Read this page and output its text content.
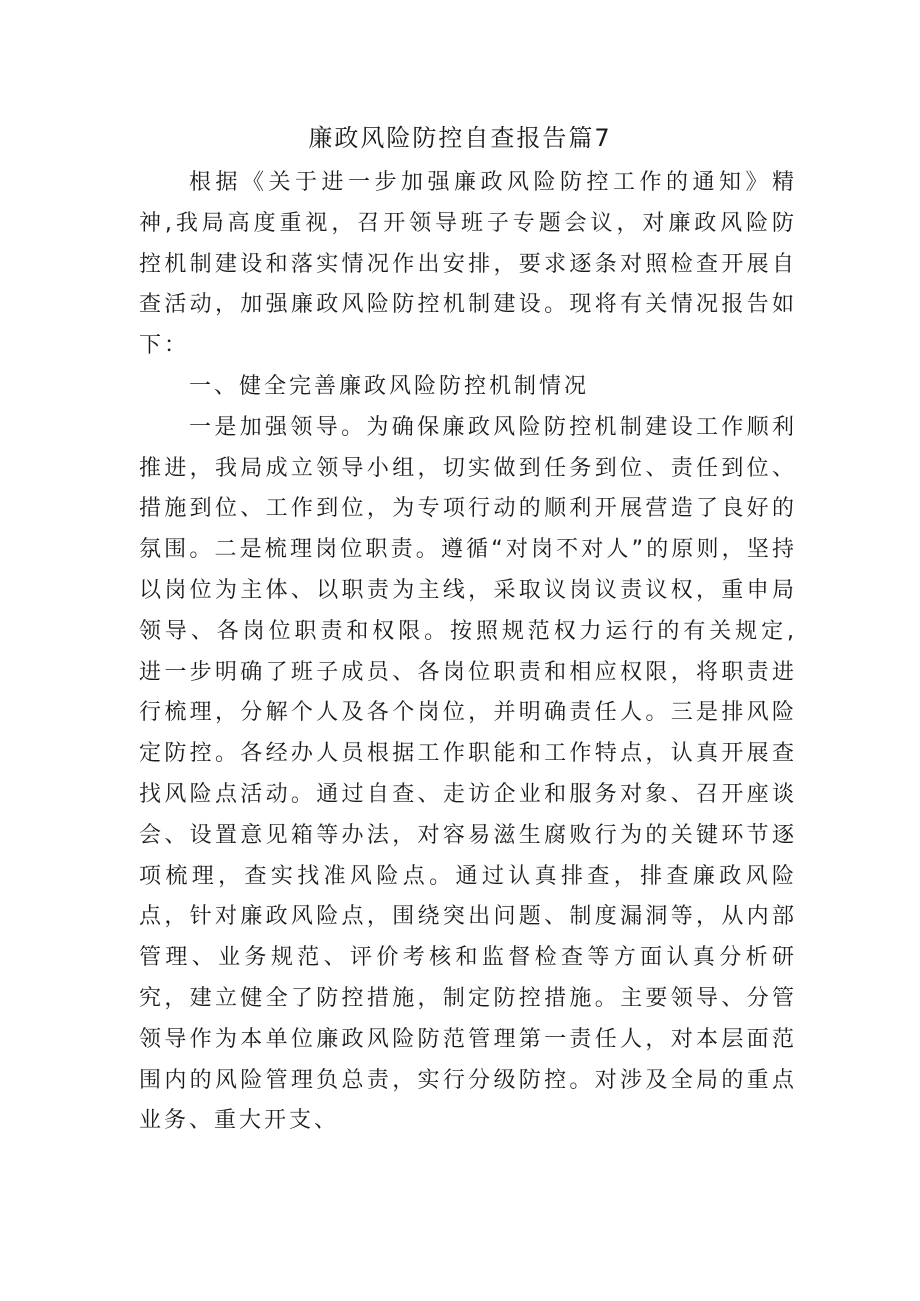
廉政风险防控自查报告篇7

根据《关于进一步加强廉政风险防控工作的通知》精神,我局高度重视，召开领导班子专题会议，对廉政风险防控机制建设和落实情况作出安排，要求逐条对照检查开展自查活动，加强廉政风险防控机制建设。现将有关情况报告如下：

一、健全完善廉政风险防控机制情况

一是加强领导。为确保廉政风险防控机制建设工作顺利推进，我局成立领导小组，切实做到任务到位、责任到位、措施到位、工作到位，为专项行动的顺利开展营造了良好的氛围。二是梳理岗位职责。遵循“对岗不对人”的原则，坚持以岗位为主体、以职责为主线，采取议岗议责议权，重申局领导、各岗位职责和权限。按照规范权力运行的有关规定,进一步明确了班子成员、各岗位职责和相应权限，将职责进行梳理，分解个人及各个岗位，并明确责任人。三是排风险定防控。各经办人员根据工作职能和工作特点，认真开展查找风险点活动。通过自查、走访企业和服务对象、召开座谈会、设置意见箱等办法，对容易滋生腐败行为的关键环节逐项梳理，查实找准风险点。通过认真排查，排查廉政风险点，针对廉政风险点，围绕突出问题、制度漏洞等，从内部管理、业务规范、评价考核和监督检查等方面认真分析研究，建立健全了防控措施，制定防控措施。主要领导、分管领导作为本单位廉政风险防范管理第一责任人，对本层面范围内的风险管理负总责，实行分级防控。对涉及全局的重点业务、重大开支、
